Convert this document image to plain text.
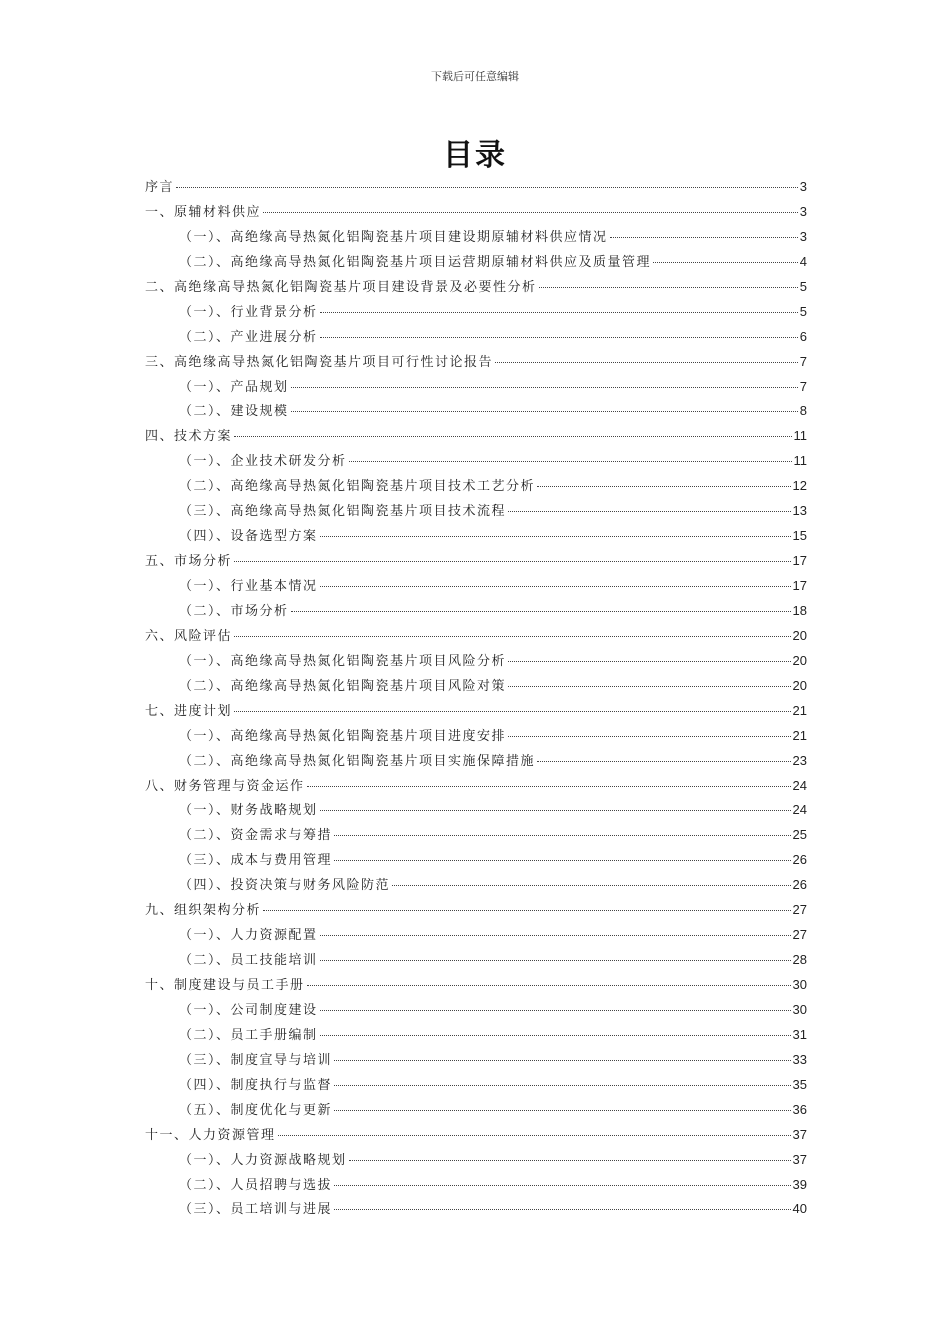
下载后可任意编辑
目录
序言	3
一、原辅材料供应	3
（一）、高绝缘高导热氮化铝陶瓷基片项目建设期原辅材料供应情况	3
（二）、高绝缘高导热氮化铝陶瓷基片项目运营期原辅材料供应及质量管理	4
二、高绝缘高导热氮化铝陶瓷基片项目建设背景及必要性分析	5
（一）、行业背景分析	5
（二）、产业进展分析	6
三、高绝缘高导热氮化铝陶瓷基片项目可行性讨论报告	7
（一）、产品规划	7
（二）、建设规模	8
四、技术方案	11
（一）、企业技术研发分析	11
（二）、高绝缘高导热氮化铝陶瓷基片项目技术工艺分析	12
（三）、高绝缘高导热氮化铝陶瓷基片项目技术流程	13
（四）、设备选型方案	15
五、市场分析	17
（一）、行业基本情况	17
（二）、市场分析	18
六、风险评估	20
（一）、高绝缘高导热氮化铝陶瓷基片项目风险分析	20
（二）、高绝缘高导热氮化铝陶瓷基片项目风险对策	20
七、进度计划	21
（一）、高绝缘高导热氮化铝陶瓷基片项目进度安排	21
（二）、高绝缘高导热氮化铝陶瓷基片项目实施保障措施	23
八、财务管理与资金运作	24
（一）、财务战略规划	24
（二）、资金需求与筹措	25
（三）、成本与费用管理	26
（四）、投资决策与财务风险防范	26
九、组织架构分析	27
（一）、人力资源配置	27
（二）、员工技能培训	28
十、制度建设与员工手册	30
（一）、公司制度建设	30
（二）、员工手册编制	31
（三）、制度宣导与培训	33
（四）、制度执行与监督	35
（五）、制度优化与更新	36
十一、人力资源管理	37
（一）、人力资源战略规划	37
（二）、人员招聘与选拔	39
（三）、员工培训与进展	40
